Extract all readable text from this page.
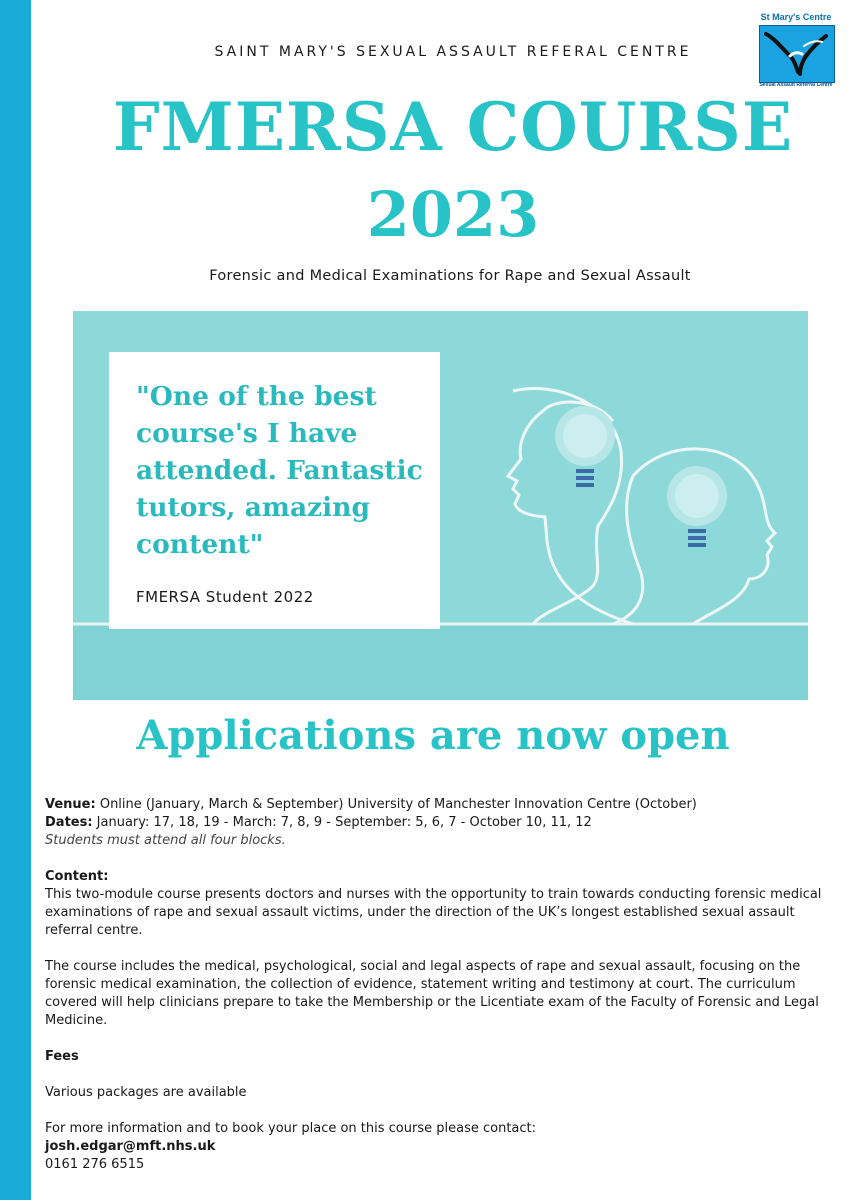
SAINT MARY'S SEXUAL ASSAULT REFERAL CENTRE
St Mary's Centre
Sexual Assault Referral Centre
FMERSA COURSE
2023
Forensic and Medical Examinations for Rape and Sexual Assault
"One of the best course's I have attended. Fantastic tutors, amazing content"
FMERSA Student 2022
Applications are now open

Venue: Online (January, March & September) University of Manchester Innovation Centre (October)

Dates: January: 17, 18, 19 - March: 7, 8, 9 - September: 5, 6, 7 - October 10, 11, 12

Students must attend all four blocks.

Content:

This two-module course presents doctors and nurses with the opportunity to train towards conducting forensic medical examinations of rape and sexual assault victims, under the direction of the UK’s longest established sexual assault referral centre.

The course includes the medical, psychological, social and legal aspects of rape and sexual assault, focusing on the forensic medical examination, the collection of evidence, statement writing and testimony at court. The curriculum covered will help clinicians prepare to take the Membership or the Licentiate exam of the Faculty of Forensic and Legal Medicine.

Fees

Various packages are available

For more information and to book your place on this course please contact:

josh.edgar@mft.nhs.uk

0161 276 6515
